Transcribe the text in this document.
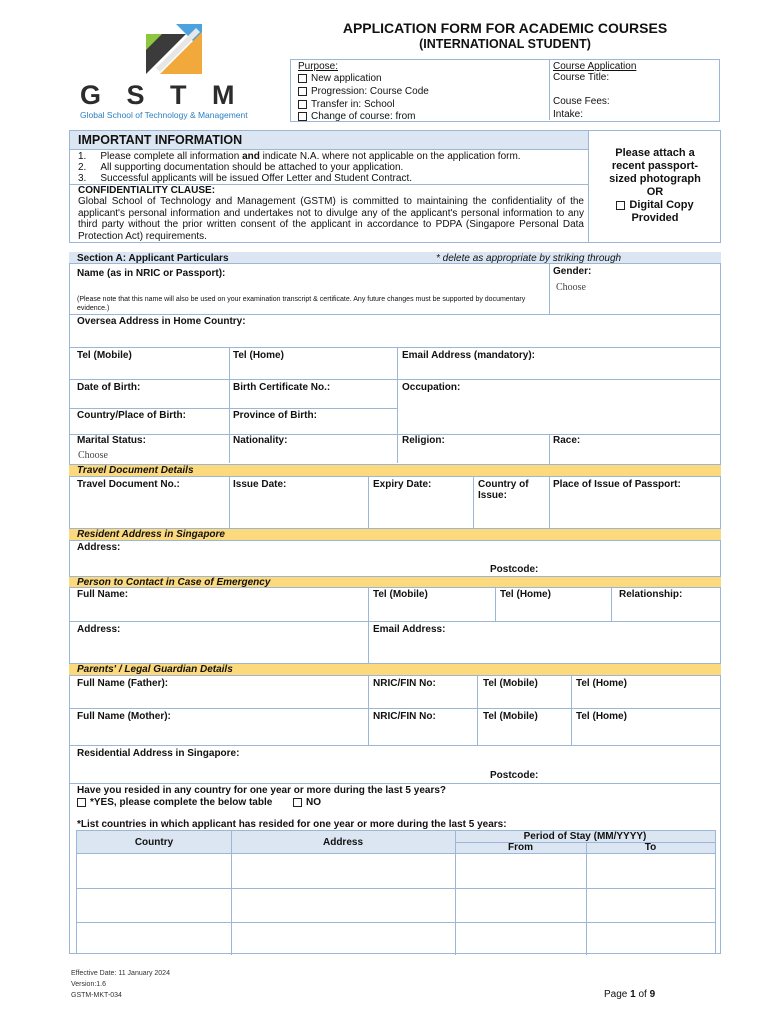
G S T M
Global School of Technology & Management
APPLICATION FORM FOR ACADEMIC COURSES
(INTERNATIONAL STUDENT)
Purpose:
New application
Progression: Course Code
Transfer in: School
Change of course: from
Course Application
Course Title:
Couse Fees:
Intake:
IMPORTANT INFORMATION
1. Please complete all information and indicate N.A. where not applicable on the application form.
2. All supporting documentation should be attached to your application.
3. Successful applicants will be issued Offer Letter and Student Contract.
CONFIDENTIALITY CLAUSE:
Global School of Technology and Management (GSTM) is committed to maintaining the confidentiality of the applicant's personal information and undertakes not to divulge any of the applicant's personal information to any third party without the prior written consent of the applicant in accordance to PDPA (Singapore Personal Data Protection Act) requirements.
Please attach a
recent passport-
sized photograph
OR
Digital Copy
Provided
Section A: Applicant Particulars	* delete as appropriate by striking through
Name (as in NRIC or Passport):	Gender:
Choose
(Please note that this name will also be used on your examination transcript & certificate. Any future changes must be supported by documentary evidence.)
Oversea Address in Home Country:
Tel (Mobile)	Tel (Home)	Email Address (mandatory):
Date of Birth:	Birth Certificate No.:	Occupation:
Country/Place of Birth:	Province of Birth:
Marital Status:
Choose
Nationality:	Religion:	Race:
Travel Document Details
Travel Document No.:	Issue Date:	Expiry Date:	Country of
Issue:
Place of Issue of Passport:
Resident Address in Singapore
Address:
Postcode:
Person to Contact in Case of Emergency
Full Name:	Tel (Mobile)	Tel (Home)	Relationship:
Address:	Email Address:
Parents' / Legal Guardian Details
Full Name (Father):	NRIC/FIN No:	Tel (Mobile)	Tel (Home)
Full Name (Mother):	NRIC/FIN No:	Tel (Mobile)	Tel (Home)
Residential Address in Singapore:
Postcode:
Have you resided in any country for one year or more during the last 5 years?
*YES, please complete the below table	NO
*List countries in which applicant has resided for one year or more during the last 5 years:
Country	Address
Period of Stay (MM/YYYY)
From	To
Effective Date: 11 January 2024
Version:1.6
GSTM-MKT-034	Page 1 of 9
